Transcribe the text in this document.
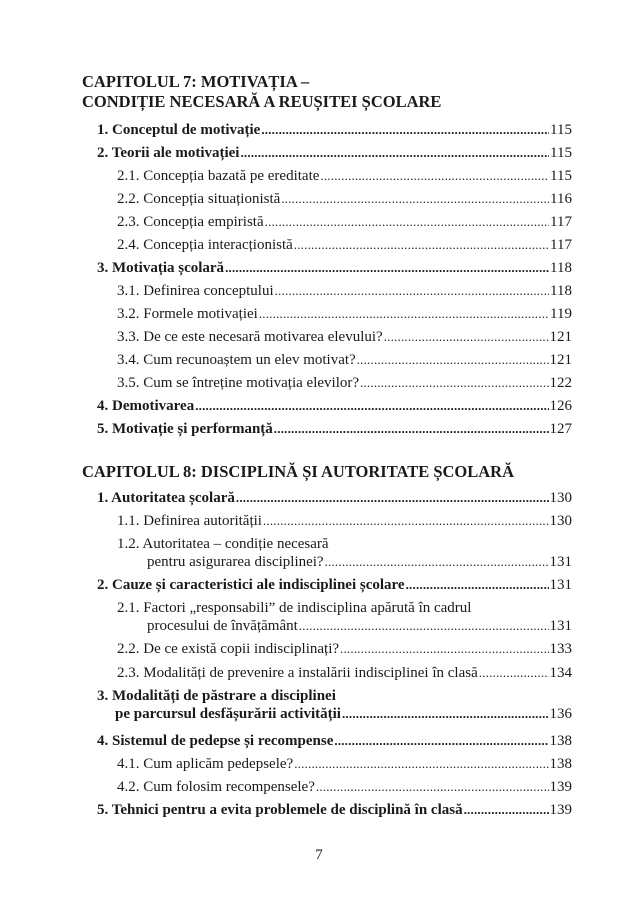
CAPITOLUL 7: MOTIVAȚIA –
CONDIȚIE NECESARĂ A REUȘITEI ȘCOLARE
1. Conceptul de motivație .....	115
2. Teorii ale motivației .....	115
2.1. Concepția bazată pe ereditate .....	115
2.2. Concepția situaționistă .....	116
2.3. Concepția empiristă .....	117
2.4. Concepția interacționistă .....	117
3. Motivația școlară .....	118
3.1. Definirea conceptului .....	118
3.2. Formele motivației .....	119
3.3. De ce este necesară motivarea elevului? .....	121
3.4. Cum recunoaștem un elev motivat? .....	121
3.5. Cum se întreține motivația elevilor? .....	122
4. Demotivarea .....	126
5. Motivație și performanță .....	127
CAPITOLUL 8: DISCIPLINĂ ȘI AUTORITATE ȘCOLARĂ
1. Autoritatea școlară .....	130
1.1. Definirea autorității .....	130
1.2. Autoritatea – condiție necesară
pentru asigurarea disciplinei? .....	131
2. Cauze și caracteristici ale indisciplinei școlare .....	131
2.1. Factori „responsabili” de indisciplina apărută în cadrul
procesului de învățământ .....	131
2.2. De ce există copii indisciplinați? .....	133
2.3. Modalități de prevenire a instalării indisciplinei în clasă .....	134
3. Modalități de păstrare a disciplinei
pe parcursul desfășurării activității .....	136
4. Sistemul de pedepse și recompense .....	138
4.1. Cum aplicăm pedepsele? .....	138
4.2. Cum folosim recompensele? .....	139
5. Tehnici pentru a evita problemele de disciplină în clasă .....	139
7
